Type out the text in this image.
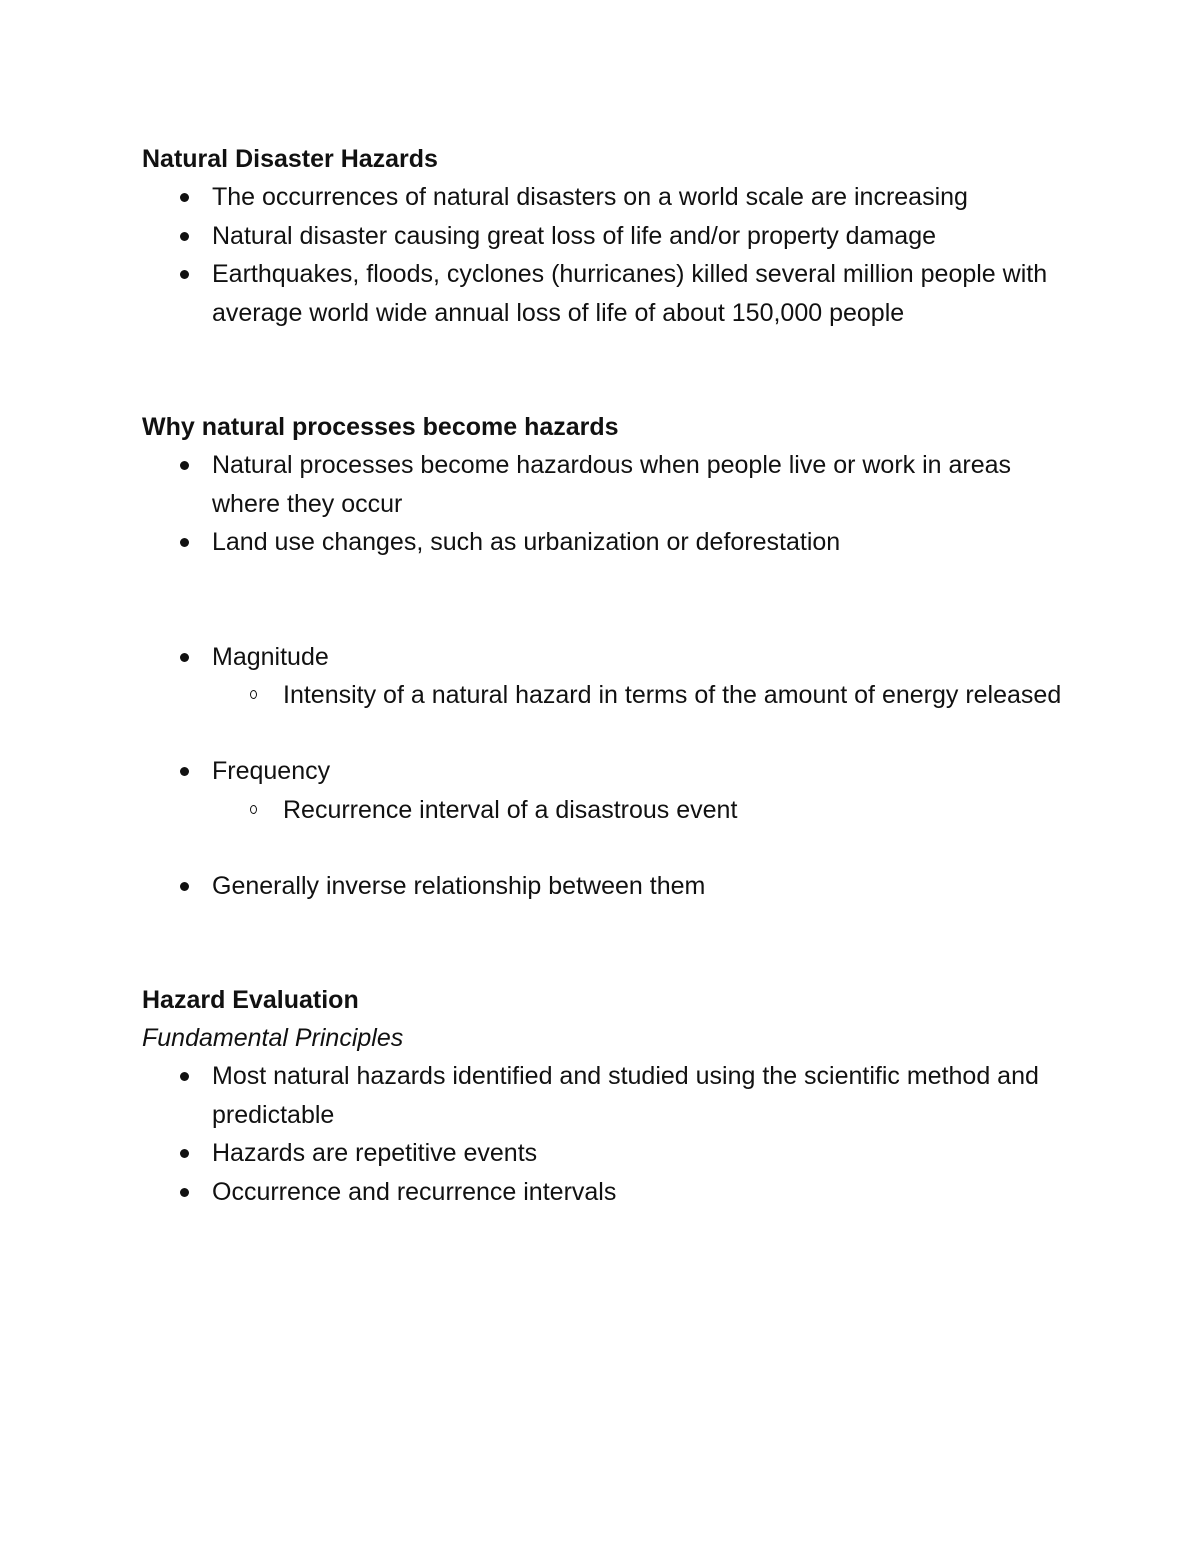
Natural Disaster Hazards

The occurrences of natural disasters on a world scale are increasing
Natural disaster causing great loss of life and/or property damage
Earthquakes, floods, cyclones (hurricanes) killed several million people with average world wide annual loss of life of about 150,000 people

Why natural processes become hazards

Natural processes become hazardous when people live or work in areas where they occur
Land use changes, such as urbanization or deforestation
Magnitude
Intensity of a natural hazard in terms of the amount of energy released
Frequency
Recurrence interval of a disastrous event
Generally inverse relationship between them

Hazard Evaluation

Fundamental Principles

Most natural hazards identified and studied using the scientific method and predictable
Hazards are repetitive events
Occurrence and recurrence intervals
